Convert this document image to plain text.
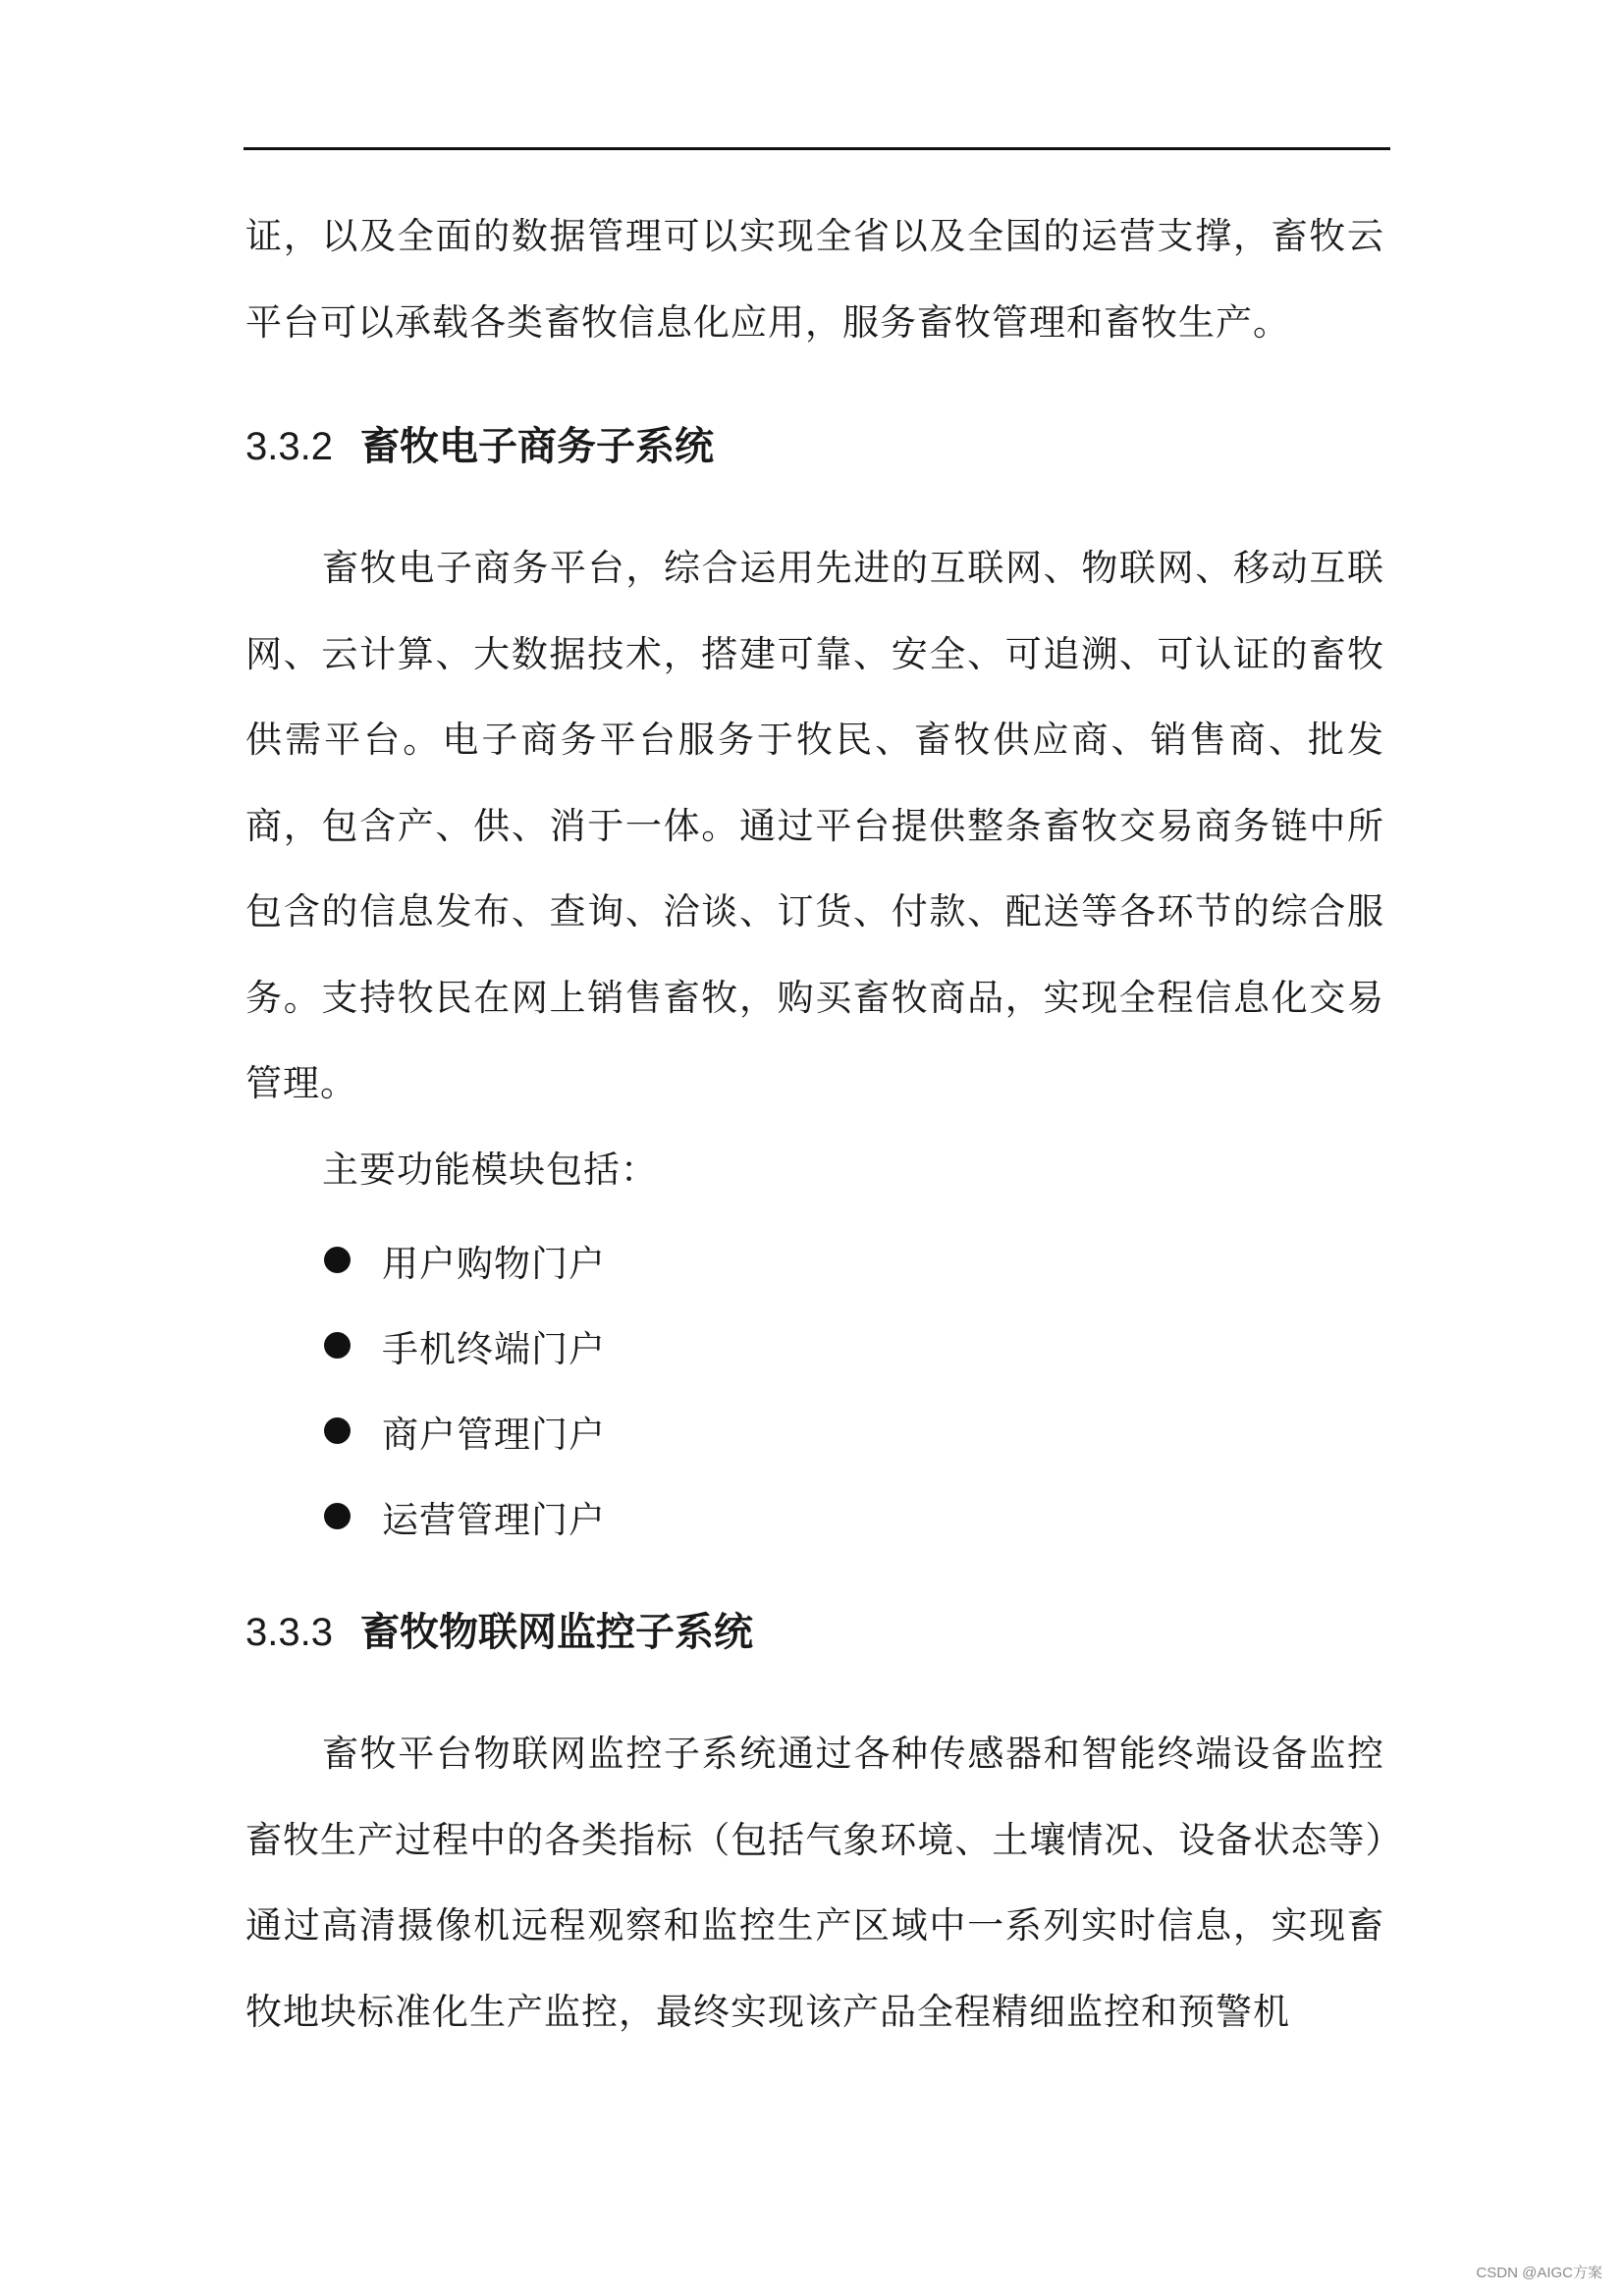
证，以及全面的数据管理可以实现全省以及全国的运营支撑，畜牧云平台可以承载各类畜牧信息化应用，服务畜牧管理和畜牧生产。

3.3.2 畜牧电子商务子系统

畜牧电子商务平台，综合运用先进的互联网、物联网、移动互联网、云计算、大数据技术，搭建可靠、安全、可追溯、可认证的畜牧供需平台。电子商务平台服务于牧民、畜牧供应商、销售商、批发商，包含产、供、消于一体。通过平台提供整条畜牧交易商务链中所包含的信息发布、查询、洽谈、订货、付款、配送等各环节的综合服务。支持牧民在网上销售畜牧，购买畜牧商品，实现全程信息化交易管理。

主要功能模块包括：

用户购物门户
手机终端门户
商户管理门户
运营管理门户
3.3.3 畜牧物联网监控子系统

畜牧平台物联网监控子系统通过各种传感器和智能终端设备监控畜牧生产过程中的各类指标（包括气象环境、土壤情况、设备状态等）通过高清摄像机远程观察和监控生产区域中一系列实时信息，实现畜牧地块标准化生产监控，最终实现该产品全程精细监控和预警机

CSDN @AIGC方案
